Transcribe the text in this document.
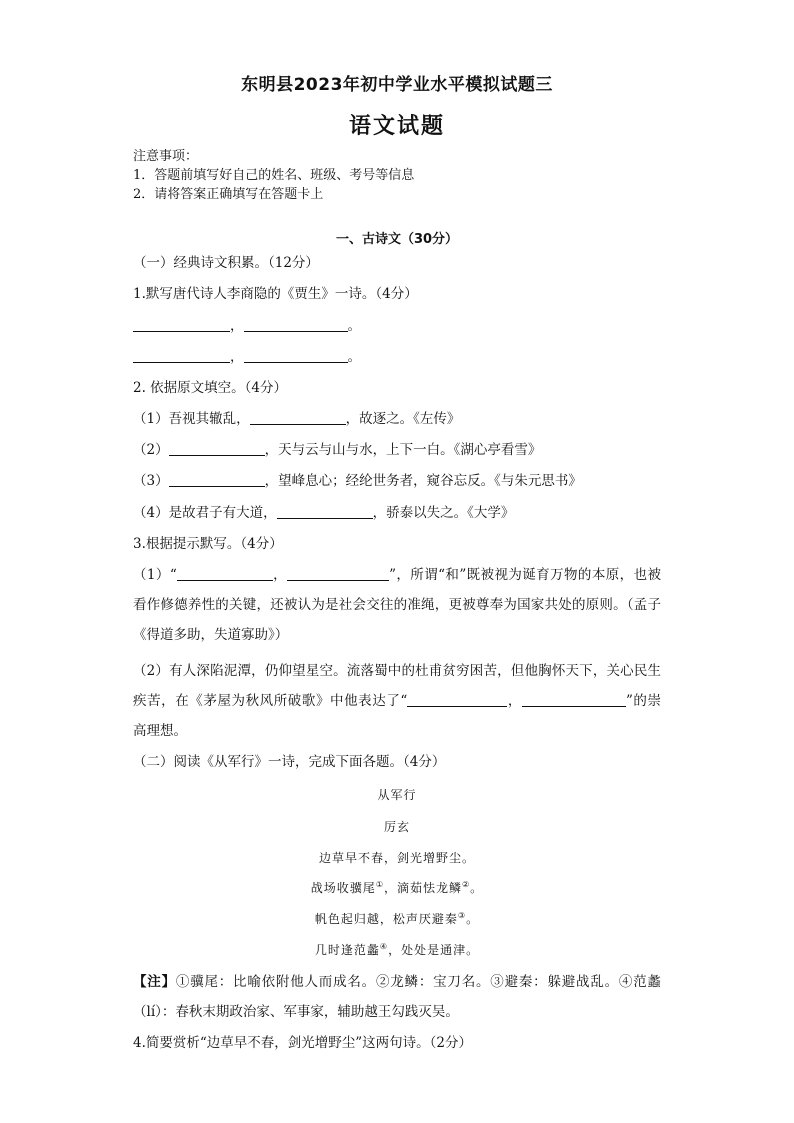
东明县2023年初中学业水平模拟试题三
语文试题
注意事项：
1．答题前填写好自己的姓名、班级、考号等信息
2．请将答案正确填写在答题卡上
一、古诗文（30分）
（一）经典诗文积累。（12分）
1.默写唐代诗人李商隐的《贾生》一诗。（4分）
，	。
，	。
2. 依据原文填空。（4分）
（1）吾视其辙乱，	，故逐之。《左传》
（2）	，天与云与山与水，上下一白。《湖心亭看雪》
（3）	，望峰息心；经纶世务者，窥谷忘反。《与朱元思书》
（4）是故君子有大道，	，骄泰以失之。《大学》
3.根据提示默写。（4分）
（1）“	，	”，所谓“和”既被视为诞育万物的本原，也被看作修德养性的关键，还被认为是社会交往的准绳，更被尊奉为国家共处的原则。（孟子《得道多助，失道寡助》）
（2）有人深陷泥潭，仍仰望星空。流落蜀中的杜甫贫穷困苦，但他胸怀天下，关心民生疾苦，在《茅屋为秋风所破歌》中他表达了“	，	”的崇高理想。
（二）阅读《从军行》一诗，完成下面各题。（4分）
从军行
厉玄
边草早不春，剑光增野尘。
战场收骥尾①，滴茹怯龙鳞②。
帆色起归越，松声厌避秦③。
几时逢范蠡④，处处是通津。
【注】①骥尾：比喻依附他人而成名。②龙鳞：宝刀名。③避秦：躲避战乱。④范蠡（lí）：春秋末期政治家、军事家，辅助越王勾践灭吴。
4.简要赏析“边草早不春，剑光增野尘”这两句诗。（2分）
